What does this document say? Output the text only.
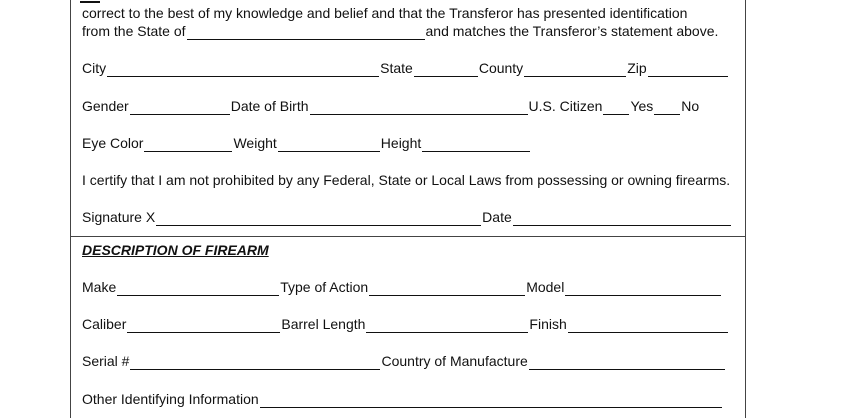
correct to the best of my knowledge and belief and that the Transferor has presented identification
from the State of	and matches the Transferor’s statement above.
City	State	County	Zip
Gender	Date of Birth	U.S. Citizen Yes No
Eye Color	Weight	Height
I certify that I am not prohibited by any Federal, State or Local Laws from possessing or owning firearms.
Signature X	Date
DESCRIPTION OF FIREARM
Make	Type of Action	Model
Caliber	Barrel Length	Finish
Serial #	Country of Manufacture
Other Identifying Information
